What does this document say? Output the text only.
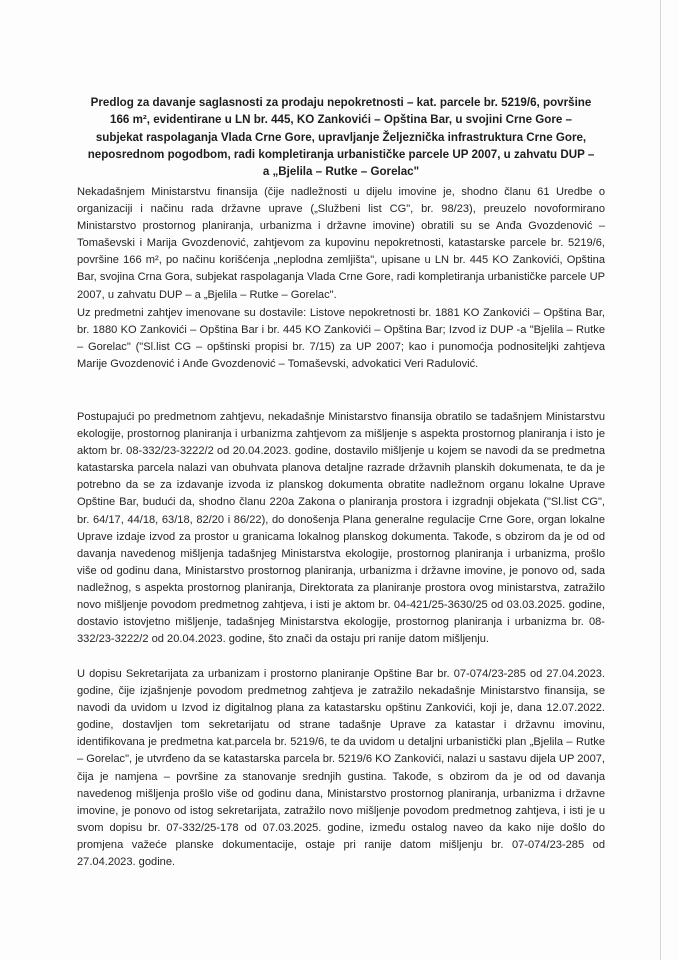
Predlog za davanje saglasnosti za prodaju nepokretnosti – kat. parcele br. 5219/6, površine 166 m², evidentirane u LN br. 445, KO Zankovići – Opština Bar, u svojini Crne Gore – subjekat raspolaganja Vlada Crne Gore, upravljanje Željeznička infrastruktura Crne Gore, neposrednom pogodbom, radi kompletiranja urbanističke parcele UP 2007, u zahvatu DUP – a „Bjelila – Rutke – Gorelac"
Nekadašnjem Ministarstvu finansija (čije nadležnosti u dijelu imovine je, shodno članu 61 Uredbe o organizaciji i načinu rada državne uprave („Službeni list CG", br. 98/23), preuzelo novoformirano Ministarstvo prostornog planiranja, urbanizma i državne imovine) obratili su se Anđa Gvozdenović – Tomaševski i Marija Gvozdenović, zahtjevom za kupovinu nepokretnosti, katastarske parcele br. 5219/6, površine 166 m², po načinu korišćenja „neplodna zemljišta", upisane u LN br. 445 KO Zankovići, Opština Bar, svojina Crna Gora, subjekat raspolaganja Vlada Crne Gore, radi kompletiranja urbanističke parcele UP 2007, u zahvatu DUP – a „Bjelila – Rutke – Gorelac".
Uz predmetni zahtjev imenovane su dostavile: Listove nepokretnosti br. 1881 KO Zankovići – Opština Bar, br. 1880 KO Zankovići – Opština Bar i br. 445 KO Zankovići – Opština Bar; Izvod iz DUP -a "Bjelila – Rutke – Gorelac" ("Sl.list CG – opštinski propisi br. 7/15) za UP 2007; kao i punomoćja podnositeljki zahtjeva Marije Gvozdenović i Anđe Gvozdenović – Tomaševski, advokatici Veri Radulović.
Postupajući po predmetnom zahtjevu, nekadašnje Ministarstvo finansija obratilo se tadašnjem Ministarstvu ekologije, prostornog planiranja i urbanizma zahtjevom za mišljenje s aspekta prostornog planiranja i isto je aktom br. 08-332/23-3222/2 od 20.04.2023. godine, dostavilo mišljenje u kojem se navodi da se predmetna katastarska parcela nalazi van obuhvata planova detaljne razrade državnih planskih dokumenata, te da je potrebno da se za izdavanje izvoda iz planskog dokumenta obratite nadležnom organu lokalne Uprave Opštine Bar, budući da, shodno članu 220a Zakona o planiranja prostora i izgradnji objekata ("Sl.list CG", br. 64/17, 44/18, 63/18, 82/20 i 86/22), do donošenja Plana generalne regulacije Crne Gore, organ lokalne Uprave izdaje izvod za prostor u granicama lokalnog planskog dokumenta. Takođe, s obzirom da je od od davanja navedenog mišljenja tadašnjeg Ministarstva ekologije, prostornog planiranja i urbanizma, prošlo više od godinu dana, Ministarstvo prostornog planiranja, urbanizma i državne imovine, je ponovo od, sada nadležnog, s aspekta prostornog planiranja, Direktorata za planiranje prostora ovog ministarstva, zatražilo novo mišljenje povodom predmetnog zahtjeva, i isti je aktom br. 04-421/25-3630/25 od 03.03.2025. godine, dostavio istovjetno mišljenje, tadašnjeg Ministarstva ekologije, prostornog planiranja i urbanizma br. 08-332/23-3222/2 od 20.04.2023. godine, što znači da ostaju pri ranije datom mišljenju.
U dopisu Sekretarijata za urbanizam i prostorno planiranje Opštine Bar br. 07-074/23-285 od 27.04.2023. godine, čije izjašnjenje povodom predmetnog zahtjeva je zatražilo nekadašnje Ministarstvo finansija, se navodi da uvidom u Izvod iz digitalnog plana za katastarsku opštinu Zankovići, koji je, dana 12.07.2022. godine, dostavljen tom sekretarijatu od strane tadašnje Uprave za katastar i državnu imovinu, identifikovana je predmetna kat.parcela br. 5219/6, te da uvidom u detaljni urbanistički plan „Bjelila – Rutke – Gorelac", je utvrđeno da se katastarska parcela br. 5219/6 KO Zankovići, nalazi u sastavu dijela UP 2007, čija je namjena – površine za stanovanje srednjih gustina. Takođe, s obzirom da je od od davanja navedenog mišljenja prošlo više od godinu dana, Ministarstvo prostornog planiranja, urbanizma i državne imovine, je ponovo od istog sekretarijata, zatražilo novo mišljenje povodom predmetnog zahtjeva, i isti je u svom dopisu br. 07-332/25-178 od 07.03.2025. godine, između ostalog naveo da kako nije došlo do promjena važeće planske dokumentacije, ostaje pri ranije datom mišljenju br. 07-074/23-285 od 27.04.2023. godine.
